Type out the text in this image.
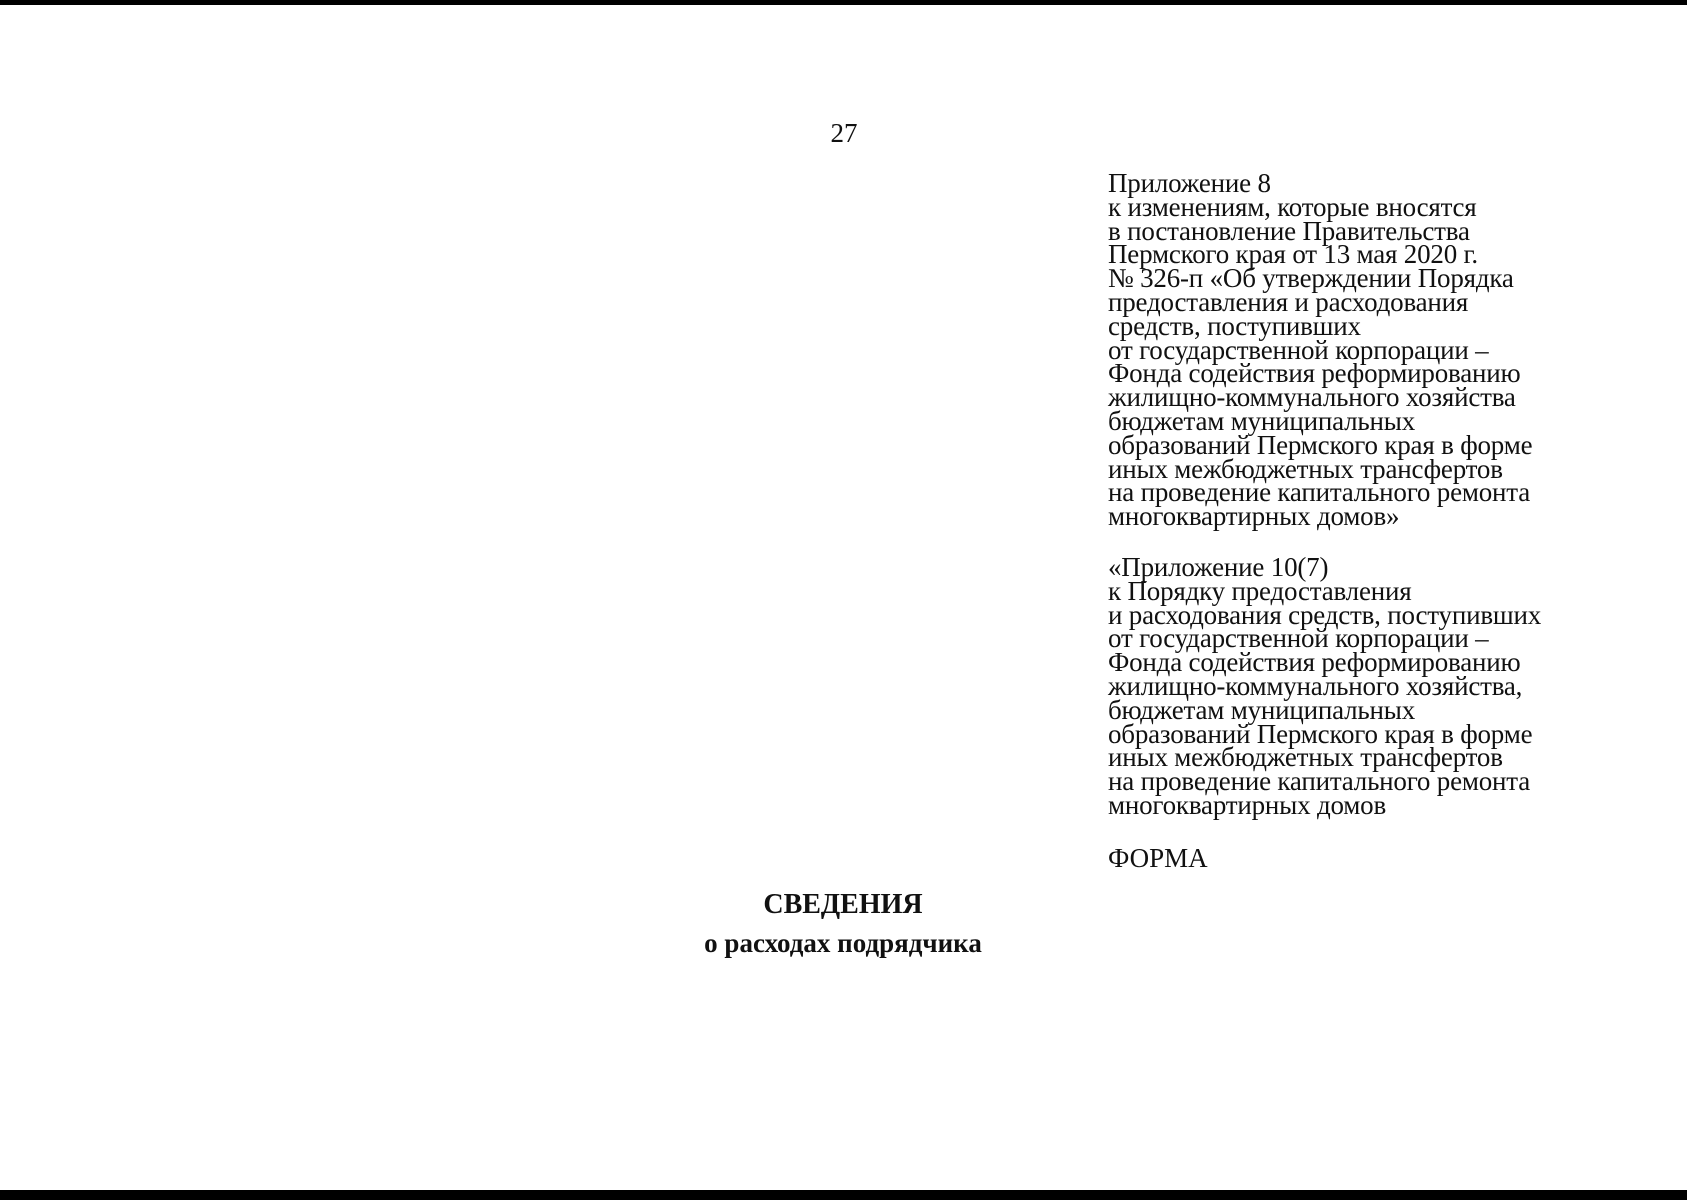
27
Приложение 8
к изменениям, которые вносятся
в постановление Правительства
Пермского края от 13 мая 2020 г.
№ 326-п «Об утверждении Порядка
предоставления и расходования
средств, поступивших
от государственной корпорации –
Фонда содействия реформированию
жилищно-коммунального хозяйства
бюджетам муниципальных
образований Пермского края в форме
иных межбюджетных трансфертов
на проведение капитального ремонта
многоквартирных домов»
«Приложение 10(7)
к Порядку предоставления
и расходования средств, поступивших
от государственной корпорации –
Фонда содействия реформированию
жилищно-коммунального хозяйства,
бюджетам муниципальных
образований Пермского края в форме
иных межбюджетных трансфертов
на проведение капитального ремонта
многоквартирных домов
ФОРМА
СВЕДЕНИЯ
о расходах подрядчика
